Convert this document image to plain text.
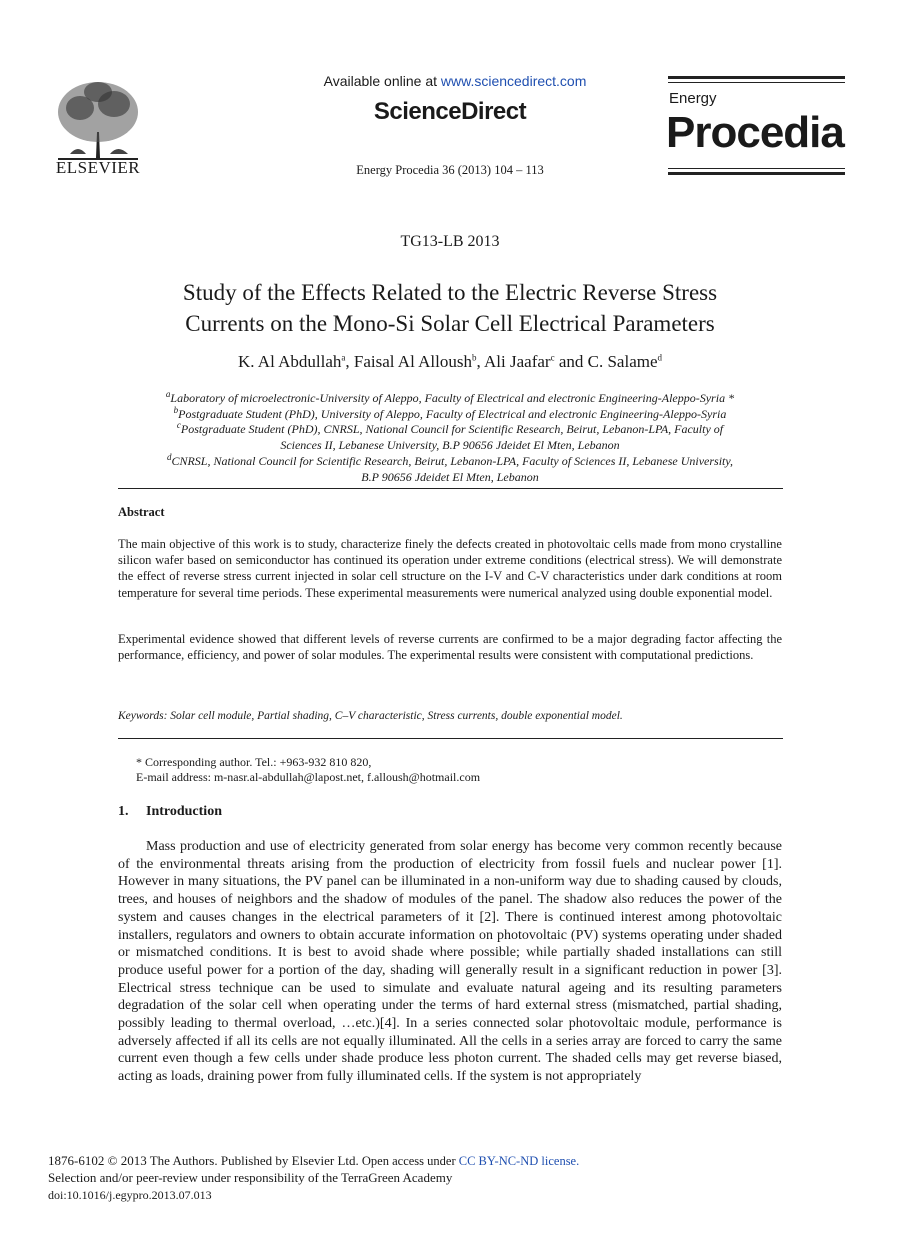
ELSEVIER
Available online at www.sciencedirect.com
ScienceDirect
Energy Procedia 36 (2013) 104 – 113
Energy
Procedia
TG13-LB 2013
Study of the Effects Related to the Electric Reverse Stress
Currents on the Mono-Si Solar Cell Electrical Parameters
K. Al Abdullah$^a$, Faisal Al Alloush$^b$, Ali Jaafar$^c$ and C. Salame$^d$
$^a$Laboratory of microelectronic-University of Aleppo, Faculty of Electrical and electronic Engineering-Aleppo-Syria *
$^b$Postgraduate Student (PhD), University of Aleppo, Faculty of Electrical and electronic Engineering-Aleppo-Syria
$^c$Postgraduate Student (PhD), CNRSL, National Council for Scientific Research, Beirut, Lebanon-LPA, Faculty of
Sciences II, Lebanese University, B.P 90656 Jdeidet El Mten, Lebanon
$^d$CNRSL, National Council for Scientific Research, Beirut, Lebanon-LPA, Faculty of Sciences II, Lebanese University,
B.P 90656 Jdeidet El Mten, Lebanon
Abstract
The main objective of this work is to study, characterize finely the defects created in photovoltaic cells made from mono crystalline silicon wafer based on semiconductor has continued its operation under extreme conditions (electrical stress). We will demonstrate the effect of reverse stress current injected in solar cell structure on the I-V and C-V characteristics under dark conditions at room temperature for several time periods. These experimental measurements were numerical analyzed using double exponential model.
Experimental evidence showed that different levels of reverse currents are confirmed to be a major degrading factor affecting the performance, efficiency, and power of solar modules. The experimental results were consistent with computational predictions.
Keywords: Solar cell module, Partial shading, C–V characteristic, Stress currents, double exponential model.
* Corresponding author. Tel.: +963-932 810 820,
E-mail address: m-nasr.al-abdullah@lapost.net, f.alloush@hotmail.com
1. Introduction
Mass production and use of electricity generated from solar energy has become very common recently because of the environmental threats arising from the production of electricity from fossil fuels and nuclear power [1]. However in many situations, the PV panel can be illuminated in a non-uniform way due to shading caused by clouds, trees, and houses of neighbors and the shadow of modules of the panel. The shadow also reduces the power of the system and causes changes in the electrical parameters of it [2]. There is continued interest among photovoltaic installers, regulators and owners to obtain accurate information on photovoltaic (PV) systems operating under shaded or mismatched conditions. It is best to avoid shade where possible; while partially shaded installations can still produce useful power for a portion of the day, shading will generally result in a significant reduction in power [3]. Electrical stress technique can be used to simulate and evaluate natural ageing and its resulting parameters degradation of the solar cell when operating under the terms of hard external stress (mismatched, partial shading, possibly leading to thermal overload, …etc.)[4]. In a series connected solar photovoltaic module, performance is adversely affected if all its cells are not equally illuminated. All the cells in a series array are forced to carry the same current even though a few cells under shade produce less photon current. The shaded cells may get reverse biased, acting as loads, draining power from fully illuminated cells. If the system is not appropriately
1876-6102 © 2013 The Authors. Published by Elsevier Ltd. Open access under CC BY-NC-ND license.
Selection and/or peer-review under responsibility of the TerraGreen Academy
doi:10.1016/j.egypro.2013.07.013
